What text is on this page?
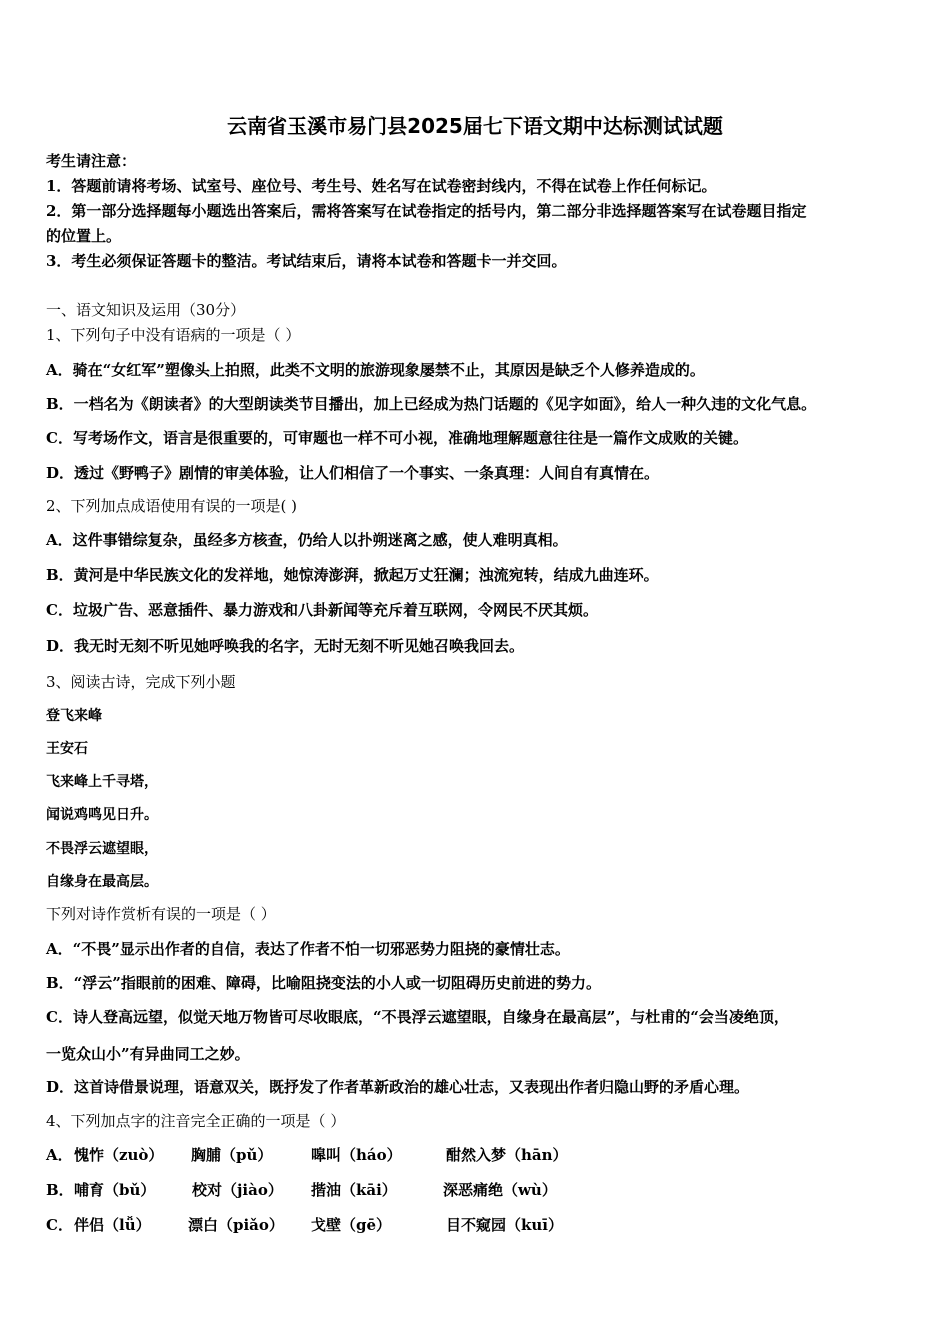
云南省玉溪市易门县2025届七下语文期中达标测试试题
考生请注意：
1．答题前请将考场、试室号、座位号、考生号、姓名写在试卷密封线内，不得在试卷上作任何标记。
2．第一部分选择题每小题选出答案后，需将答案写在试卷指定的括号内，第二部分非选择题答案写在试卷题目指定
的位置上。
3．考生必须保证答题卡的整洁。考试结束后，请将本试卷和答题卡一并交回。
一、语文知识及运用（30分）
1、下列句子中没有语病的一项是（ ）
A．骑在“女红军”塑像头上拍照，此类不文明的旅游现象屡禁不止，其原因是缺乏个人修养造成的。
B．一档名为《朗读者》的大型朗读类节目播出，加上已经成为热门话题的《见字如面》，给人一种久违的文化气息。
C．写考场作文，语言是很重要的，可审题也一样不可小视，准确地理解题意往往是一篇作文成败的关键。
D．透过《野鸭子》剧情的审美体验，让人们相信了一个事实、一条真理：人间自有真情在。
2、下列加点成语使用有误的一项是( )
A．这件事错综复杂，虽经多方核查，仍给人以扑朔迷离之感，使人难明真相。
B．黄河是中华民族文化的发祥地，她惊涛澎湃，掀起万丈狂澜；浊流宛转，结成九曲连环。
C．垃圾广告、恶意插件、暴力游戏和八卦新闻等充斥着互联网，令网民不厌其烦。
D．我无时无刻不听见她呼唤我的名字，无时无刻不听见她召唤我回去。
3、阅读古诗，完成下列小题
登飞来峰
王安石
飞来峰上千寻塔，
闻说鸡鸣见日升。
不畏浮云遮望眼，
自缘身在最高层。
下列对诗作赏析有误的一项是（ ）
A．“不畏”显示出作者的自信，表达了作者不怕一切邪恶势力阻挠的豪情壮志。
B．“浮云”指眼前的困难、障碍，比喻阻挠变法的小人或一切阻碍历史前进的势力。
C．诗人登高远望，似觉天地万物皆可尽收眼底，“不畏浮云遮望眼，自缘身在最高层”，与杜甫的“会当凌绝顶，
一览众山小”有异曲同工之妙。
D．这首诗借景说理，语意双关，既抒发了作者革新政治的雄心壮志，又表现出作者归隐山野的矛盾心理。
4、下列加点字的注音完全正确的一项是（ ）
A． 愧怍（zuò） 胸脯（pǔ）	嗥叫（háo）	酣然入梦（hān）
B． 哺育（bǔ） 校对（jiào） 揩油（kāi）	深恶痛绝（wù）
C． 伴侣（lǚ） 漂白（piǎo） 戈壁（gē）	目不窥园（kuī）
